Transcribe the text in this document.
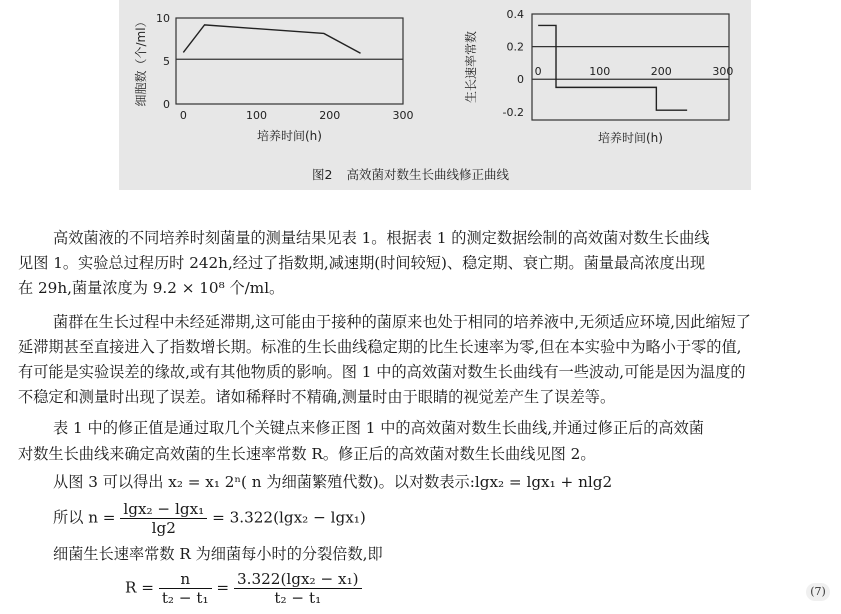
0
5
10
0	100	200	300
培养时间(h)
细胞数（个/ml）
0.4
0.2
0
-0.2
0	100	200	300
培养时间(h)
生长速率常数
图2 高效菌对数生长曲线修正曲线
高效菌液的不同培养时刻菌量的测量结果见表 1。根据表 1 的测定数据绘制的高效菌对数生长曲线
见图 1。实验总过程历时 242h,经过了指数期,减速期(时间较短)、稳定期、衰亡期。菌量最高浓度出现
在 29h,菌量浓度为 9.2 × 10⁸ 个/ml。
菌群在生长过程中未经延滞期,这可能由于接种的菌原来也处于相同的培养液中,无须适应环境,因此缩短了
延滞期甚至直接进入了指数增长期。标准的生长曲线稳定期的比生长速率为零,但在本实验中为略小于零的值,
有可能是实验误差的缘故,或有其他物质的影响。图 1 中的高效菌对数生长曲线有一些波动,可能是因为温度的
不稳定和测量时出现了误差。诸如稀释时不精确,测量时由于眼睛的视觉差产生了误差等。
表 1 中的修正值是通过取几个关键点来修正图 1 中的高效菌对数生长曲线,并通过修正后的高效菌
对数生长曲线来确定高效菌的生长速率常数 R。修正后的高效菌对数生长曲线见图 2。
从图 3 可以得出 x₂ = x₁ 2ⁿ( n 为细菌繁殖代数)。以对数表示:lgx₂ = lgx₁ + nlg2
所以 $n = \frac{\text{lgx₂ − lgx₁}}{\lg 2} = 3.322(\lg x_2 - \lg x_1)$
细菌生长速率常数 R 为细菌每小时的分裂倍数,即
$R = \frac{n}{\text{t₂ − t₁}} = \frac{\text{3.322(lgx₂ − x₁)}}{\text{t₂ − t₁}}$	(7)
